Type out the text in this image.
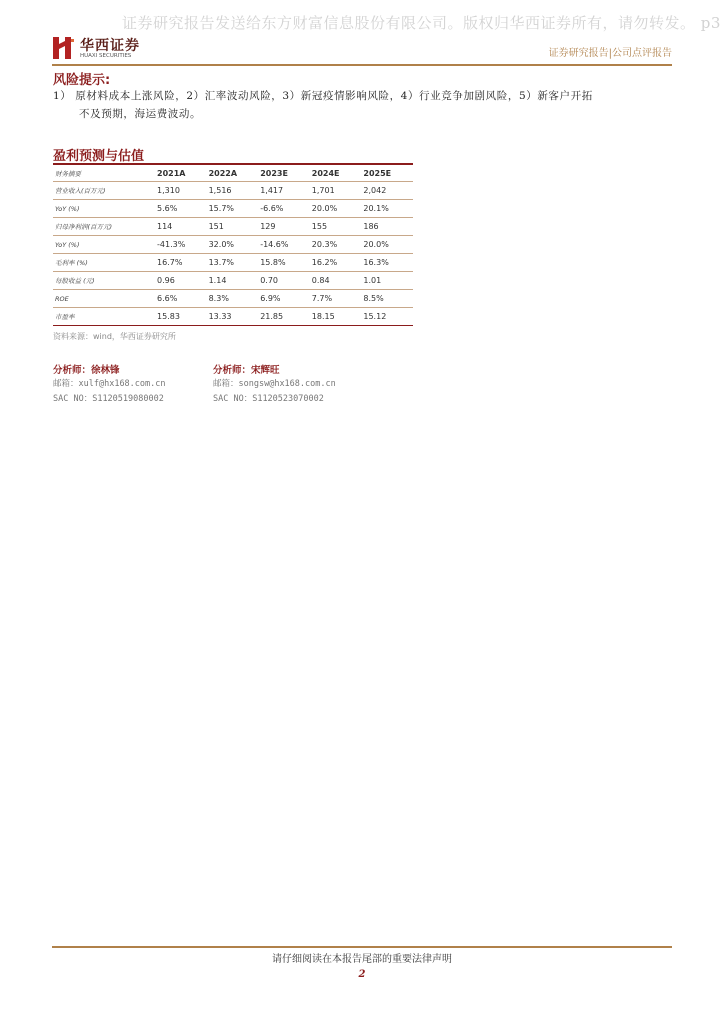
证券研究报告发送给东方财富信息股份有限公司。版权归华西证券所有，请勿转发。 p3
华西证券
HUAXI SECURITIES	证券研究报告|公司点评报告
风险提示:
1） 原材料成本上涨风险，2）汇率波动风险，3）新冠疫情影响风险，4）行业竞争加剧风险，5）新客户开拓
不及预期，海运费波动。
盈利预测与估值
财务摘要	2021A	2022A	2023E	2024E	2025E
营业收入(百万元)	1,310	1,516	1,417	1,701	2,042
YoY (%)	5.6%	15.7%	-6.6%	20.0%	20.1%
归母净利润(百万元)	114	151	129	155	186
YoY (%)	-41.3%	32.0%	-14.6%	20.3%	20.0%
毛利率 (%)	16.7%	13.7%	15.8%	16.2%	16.3%
每股收益 (元)	0.96	1.14	0.70	0.84	1.01
ROE	6.6%	8.3%	6.9%	7.7%	8.5%
市盈率	15.83	13.33	21.85	18.15	15.12
资料来源：wind，华西证券研究所
分析师：徐林锋
邮箱：xulf@hx168.com.cn
SAC NO：S1120519080002
分析师：宋辉旺
邮箱：songsw@hx168.com.cn
SAC NO：S1120523070002
请仔细阅读在本报告尾部的重要法律声明
2
